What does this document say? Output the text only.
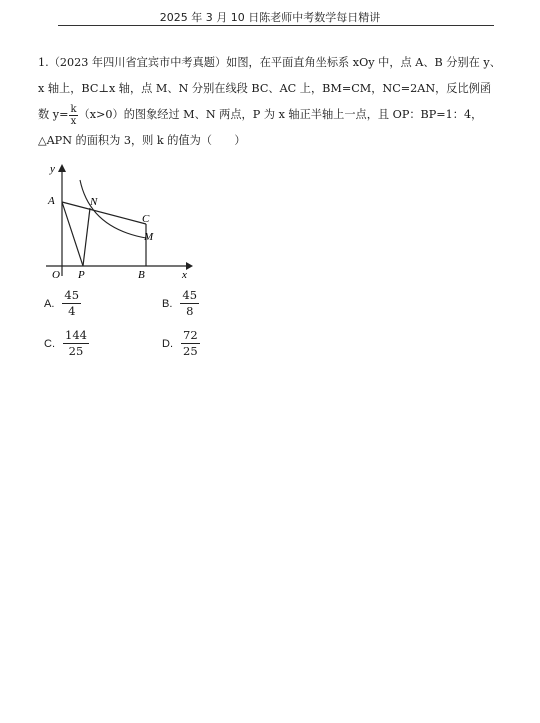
2025 年 3 月 10 日陈老师中考数学每日精讲
1.（2023 年四川省宜宾市中考真题）如图，在平面直角坐标系 xOy 中，点 A、B 分别在 y、
x 轴上，BC⊥x 轴，点 M、N 分别在线段 BC、AC 上，BM=CM，NC=2AN，反比例函
数 $y= \frac{k}{x} (x>0)$的图象经过 M、N 两点，P 为 x 轴正半轴上一点，且 OP：BP=1：4，
△APN 的面积为 3，则 k 的值为（　　）
y
x
A	N
C
M
O P	B
A. $\frac{45}{4}$	B. $\frac{45}{8}$
C. $\frac{144}{25}$	D. $\frac{72}{25}$
